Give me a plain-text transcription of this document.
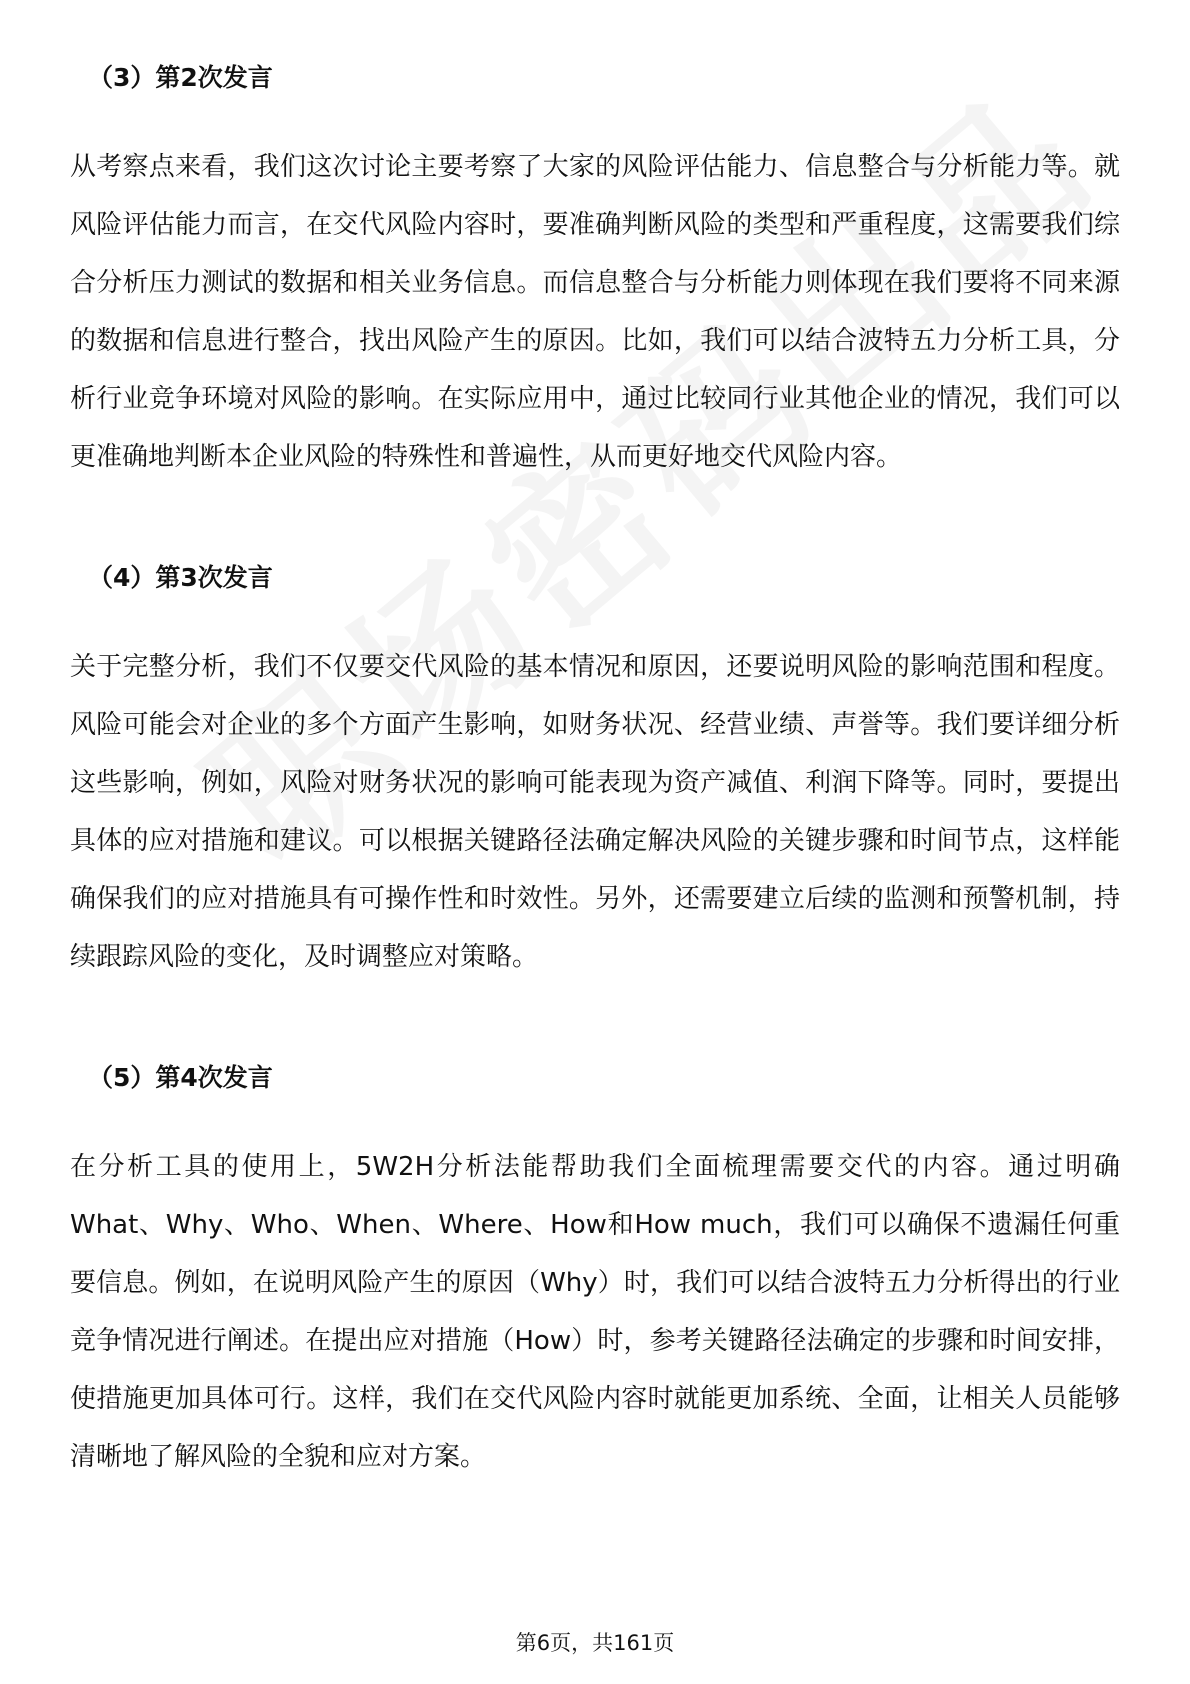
（3）第2次发言

从考察点来看，我们这次讨论主要考察了大家的风险评估能力、信息整合与分析能力等。就风险评估能力而言，在交代风险内容时，要准确判断风险的类型和严重程度，这需要我们综合分析压力测试的数据和相关业务信息。而信息整合与分析能力则体现在我们要将不同来源的数据和信息进行整合，找出风险产生的原因。比如，我们可以结合波特五力分析工具，分析行业竞争环境对风险的影响。在实际应用中，通过比较同行业其他企业的情况，我们可以更准确地判断本企业风险的特殊性和普遍性，从而更好地交代风险内容。

（4）第3次发言

关于完整分析，我们不仅要交代风险的基本情况和原因，还要说明风险的影响范围和程度。风险可能会对企业的多个方面产生影响，如财务状况、经营业绩、声誉等。我们要详细分析这些影响，例如，风险对财务状况的影响可能表现为资产减值、利润下降等。同时，要提出具体的应对措施和建议。可以根据关键路径法确定解决风险的关键步骤和时间节点，这样能确保我们的应对措施具有可操作性和时效性。另外，还需要建立后续的监测和预警机制，持续跟踪风险的变化，及时调整应对策略。

（5）第4次发言

在分析工具的使用上，5W2H分析法能帮助我们全面梳理需要交代的内容。通过明确What、Why、Who、When、Where、How和How much，我们可以确保不遗漏任何重要信息。例如，在说明风险产生的原因（Why）时，我们可以结合波特五力分析得出的行业竞争情况进行阐述。在提出应对措施（How）时，参考关键路径法确定的步骤和时间安排，使措施更加具体可行。这样，我们在交代风险内容时就能更加系统、全面，让相关人员能够清晰地了解风险的全貌和应对方案。

第6页，共161页
